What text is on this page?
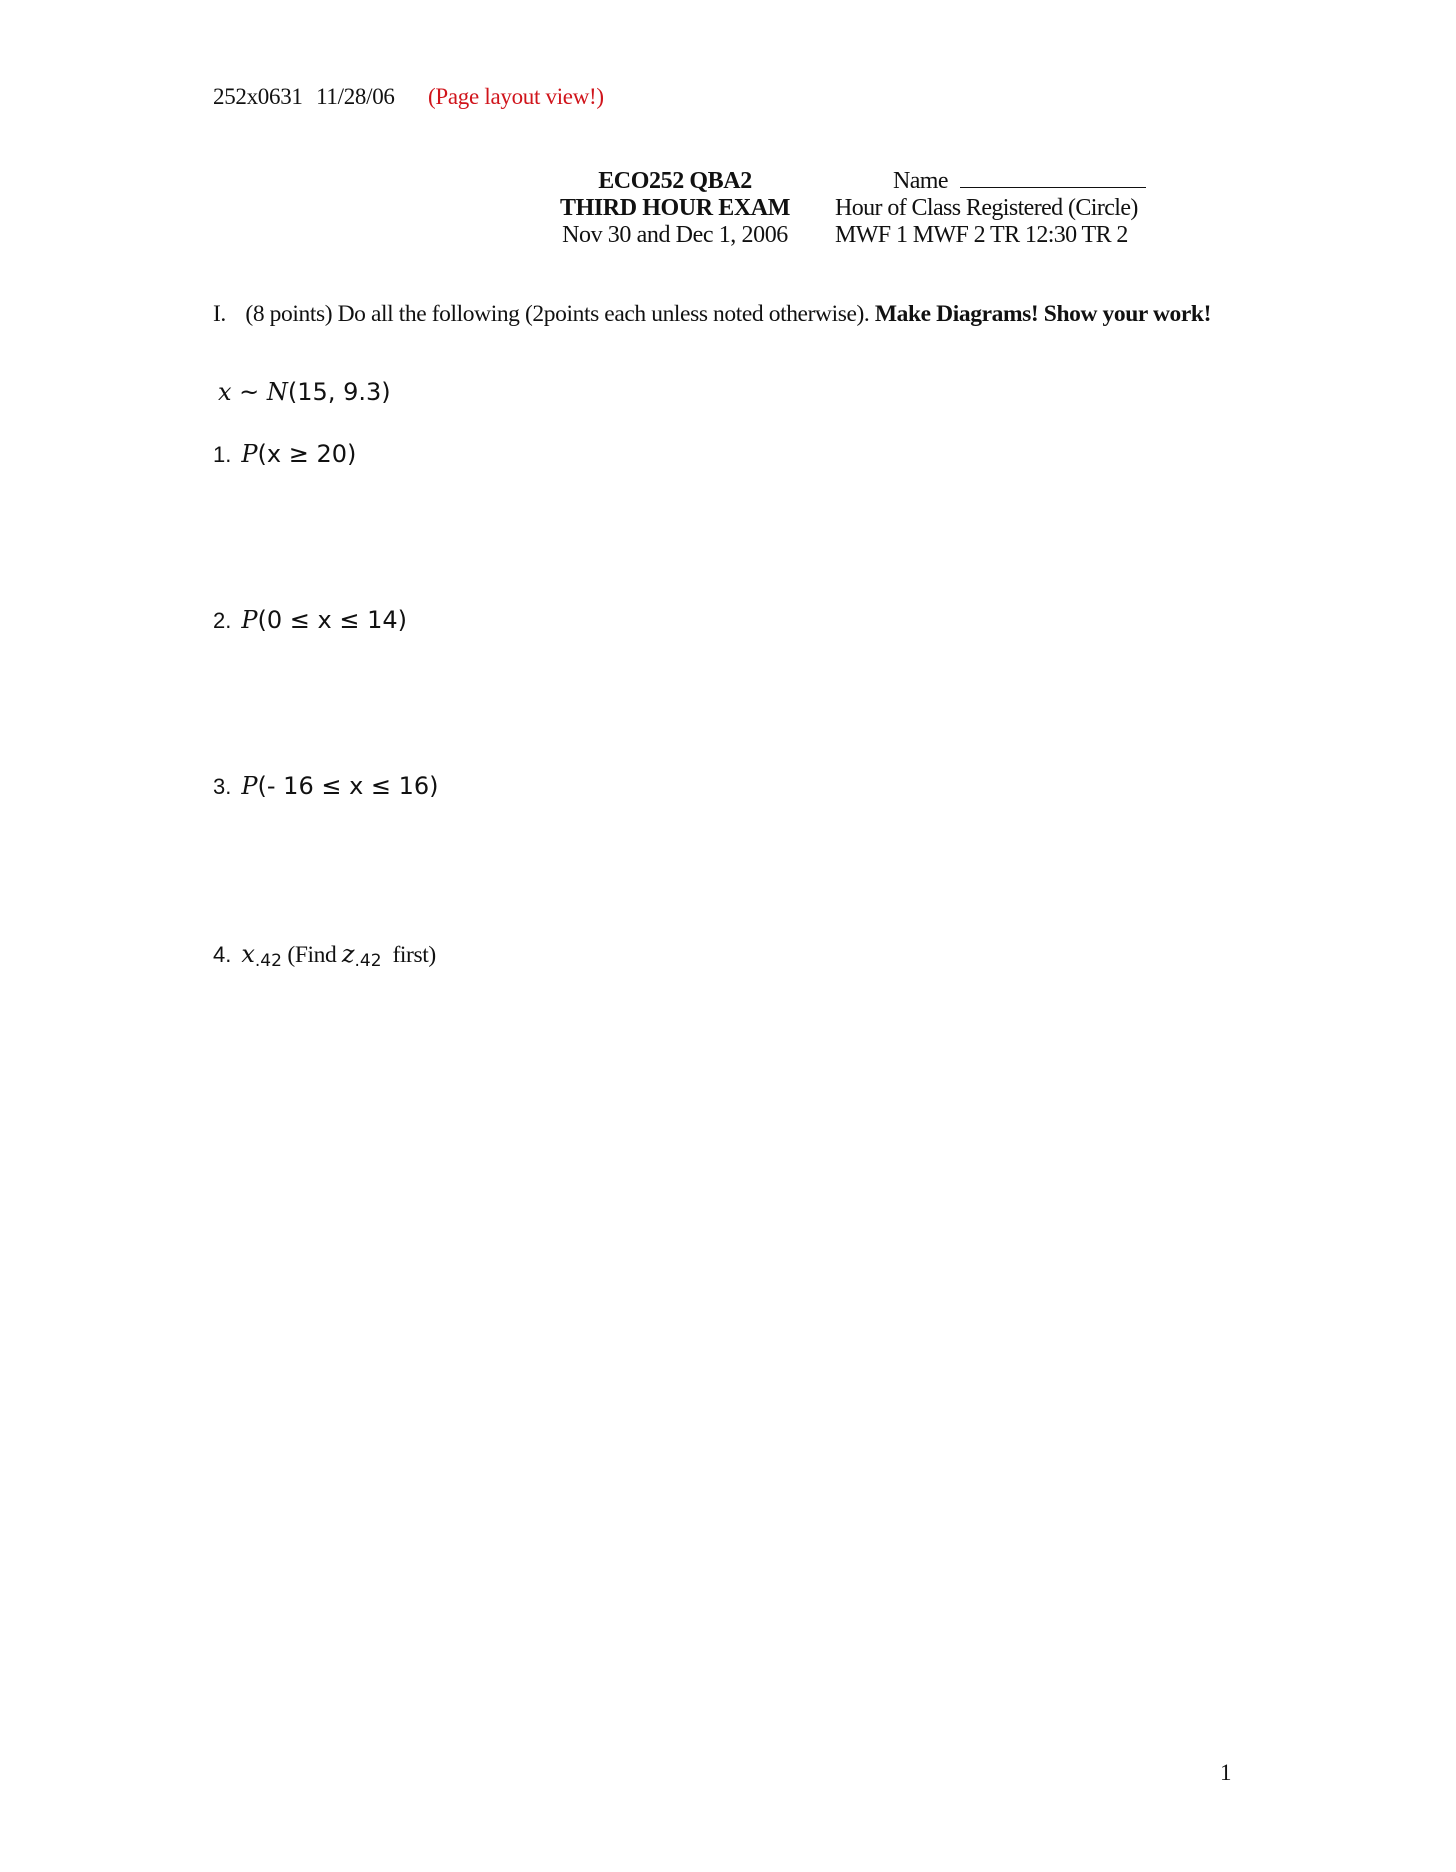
252x0631 11/28/06 (Page layout view!)
ECO252 QBA2
THIRD HOUR EXAM
Nov 30 and Dec 1, 2006
Name
Hour of Class Registered (Circle)
MWF 1 MWF 2 TR 12:30 TR 2
I. (8 points) Do all the following (2points each unless noted otherwise). Make Diagrams! Show your work!
x ~ N(15, 9.3)
1. P(x ≥ 20)
2. P(0 ≤ x ≤ 14)
3. P(- 16 ≤ x ≤ 16)
4. $x_{.42}$ (Find $z_{.42}$  first)
1
